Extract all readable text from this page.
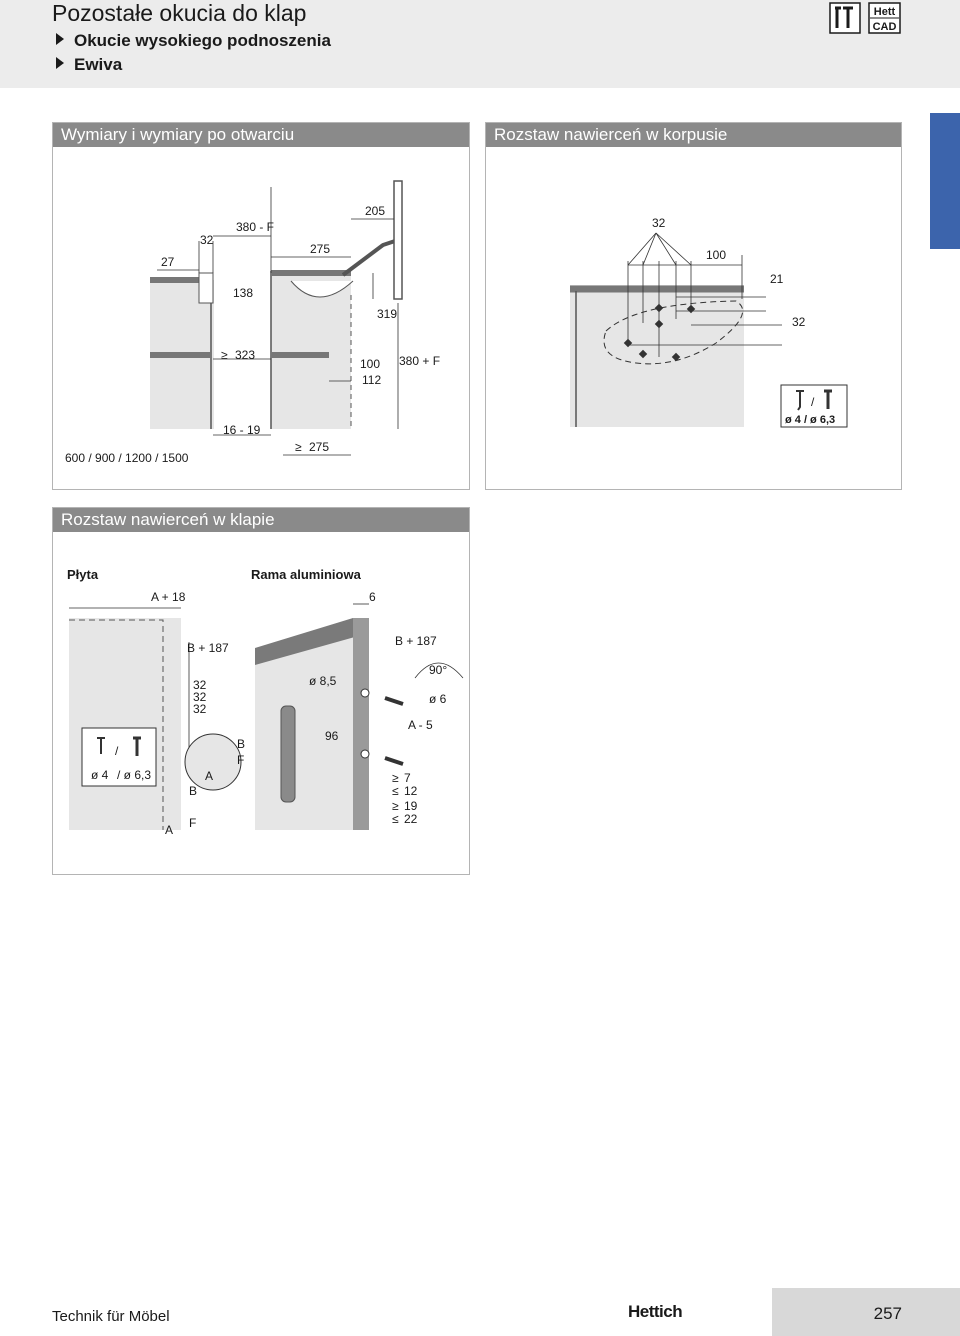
Pozostałe okucia do klap
Okucie wysokiego podnoszenia
Ewiva
Hett
CAD
Wymiary i wymiary po otwarciu
27
32
380 - F
205
275
138
319
≥ 323
100
112
380 + F
16 - 19
600 / 900 / 1200 / 1500
≥ 275
Rozstaw nawierceń w korpusie
32
100
21
32
/
ø 4 / ø 6,3
Rozstaw nawierceń w klapie
Płyta	Rama aluminiowa
A + 18
B + 187
32
32
32
/
ø 4 / ø 6,3
B
F
A
B
A F
6
B + 187
ø 8,5
90°
ø 6
A - 5
96
≥ 7
≤ 12
≥ 19
≤ 22
Technik für Möbel	Hettich	257
